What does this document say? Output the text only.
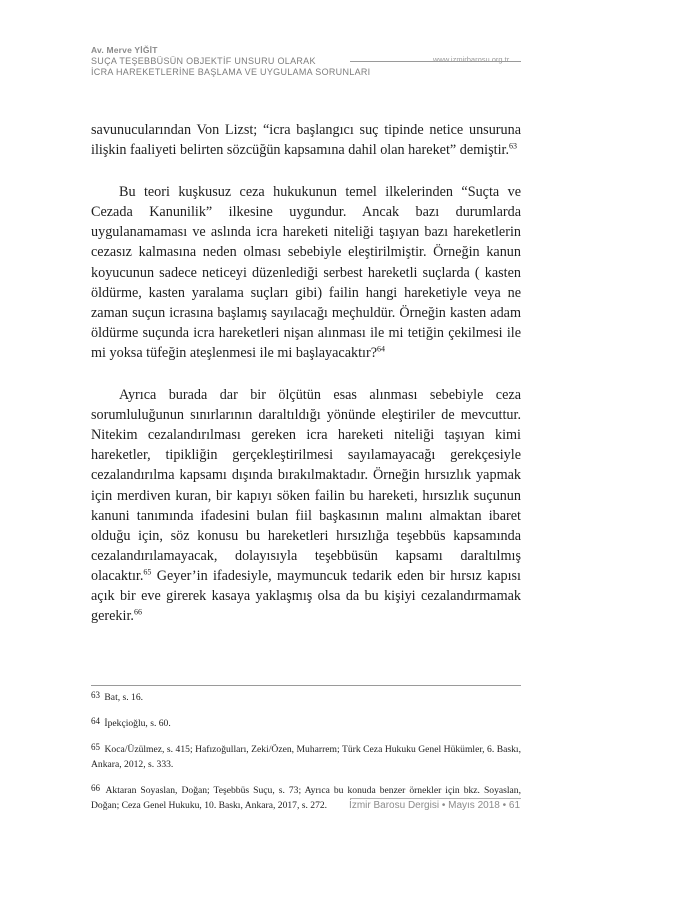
Av. Merve YİĞİT

SUÇA TEŞEBBÜSÜN OBJEKTİF UNSURU OLARAK

İCRA HAREKETLERİNE BAŞLAMA VE UYGULAMA SORUNLARI

www.izmirbarosu.org.tr

savunucularından Von Lizst; “icra başlangıcı suç tipinde netice unsuruna ilişkin faaliyeti belirten sözcüğün kapsamına dahil olan hareket” demiştir.$^{63}$

Bu teori kuşkusuz ceza hukukunun temel ilkelerinden “Suçta ve Cezada Kanunilik” ilkesine uygundur. Ancak bazı durumlarda uygulanamaması ve aslında icra hareketi niteliği taşıyan bazı hareketlerin cezasız kalmasına neden olması sebebiyle eleştirilmiştir. Örneğin kanun koyucunun sadece neticeyi düzenlediği serbest hareketli suçlarda ( kasten öldürme, kasten yaralama suçları gibi) failin hangi hareketiyle veya ne zaman suçun icrasına başlamış sayılacağı meçhuldür. Örneğin kasten adam öldürme suçunda icra hareketleri nişan alınması ile mi tetiğin çekilmesi ile mi yoksa tüfeğin ateşlenmesi ile mi başlayacaktır?$^{64}$

Ayrıca burada dar bir ölçütün esas alınması sebebiyle ceza sorumluluğunun sınırlarının daraltıldığı yönünde eleştiriler de mevcuttur. Nitekim cezalandırılması gereken icra hareketi niteliği taşıyan kimi hareketler, tipikliğin gerçekleştirilmesi sayılamayacağı gerekçesiyle cezalandırılma kapsamı dışında bırakılmaktadır. Örneğin hırsızlık yapmak için merdiven kuran, bir kapıyı söken failin bu hareketi, hırsızlık suçunun kanuni tanımında ifadesini bulan fiil başkasının malını almaktan ibaret olduğu için, söz konusu bu hareketleri hırsızlığa teşebbüs kapsamında cezalandırılamayacak, dolayısıyla teşebbüsün kapsamı daraltılmış olacaktır.$^{65}$ Geyer’in ifadesiyle, maymuncuk tedarik eden bir hırsız kapısı açık bir eve girerek kasaya yaklaşmış olsa da bu kişiyi cezalandırmamak gerekir.$^{66}$

63 Bat, s. 16.

64 İpekçioğlu, s. 60.

65 Koca/Üzülmez, s. 415; Hafızoğulları, Zeki/Özen, Muharrem; Türk Ceza Hukuku Genel Hükümler, 6. Baskı, Ankara, 2012, s. 333.

66 Aktaran Soyaslan, Doğan; Teşebbüs Suçu, s. 73; Ayrıca bu konuda benzer örnekler için bkz. Soyaslan, Doğan; Ceza Genel Hukuku, 10. Baskı, Ankara, 2017, s. 272.	İzmir Barosu Dergisi • Mayıs 2018 • 61
